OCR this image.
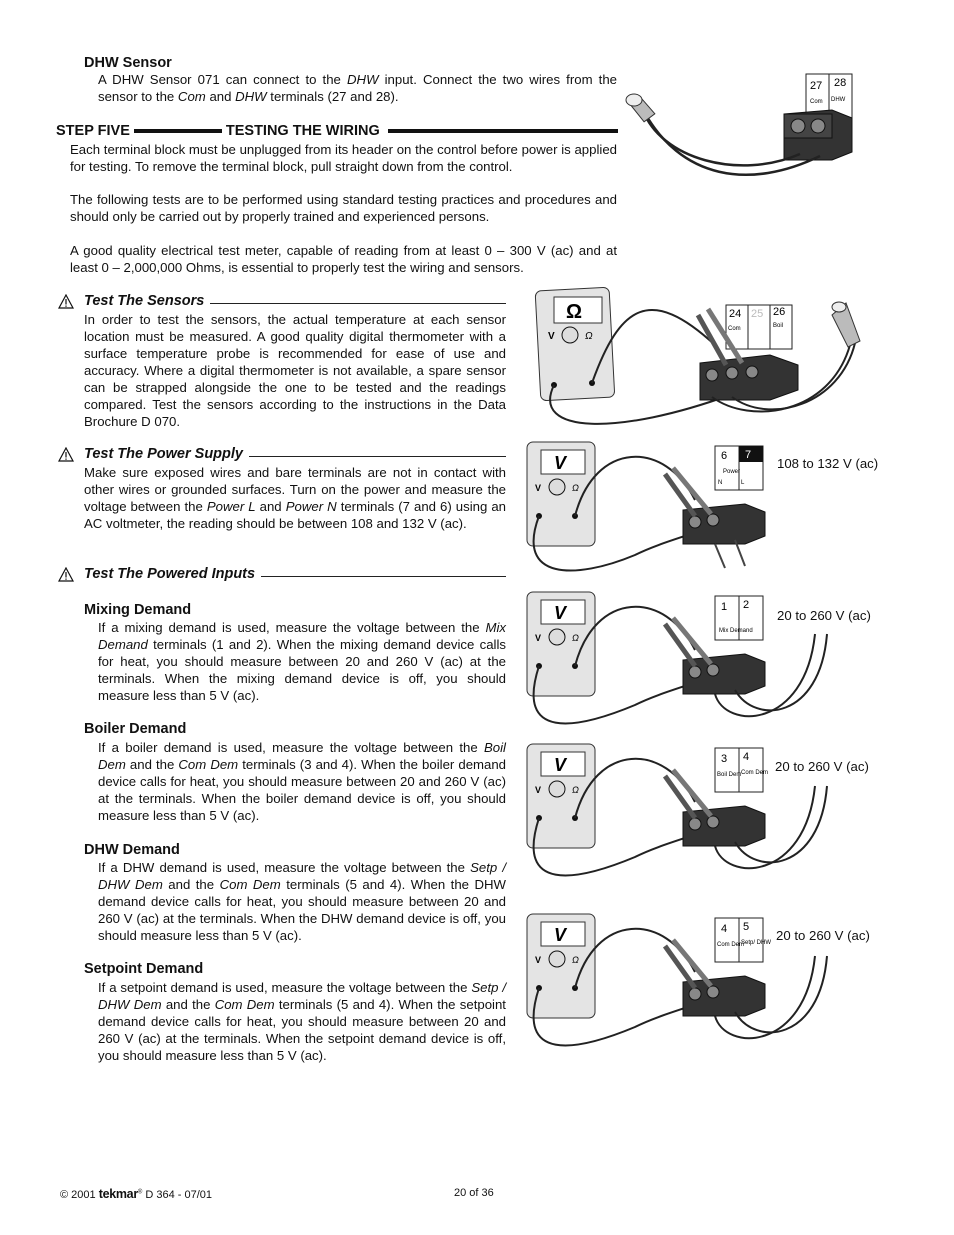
DHW Sensor

A DHW Sensor 071 can connect to the DHW input. Connect the two wires from the sensor to the Com and DHW terminals (27 and 28).

STEP FIVE	TESTING THE WIRING

Each terminal block must be unplugged from its header on the control before power is applied for testing. To remove the terminal block, pull straight down from the control.

The following tests are to be performed using standard testing practices and procedures and should only be carried out by properly trained and experienced persons.

A good quality electrical test meter, capable of reading from at least 0 – 300 V (ac) and at least 0 – 2,000,000 Ohms, is essential to properly test the wiring and sensors.

Test The Sensors

In order to test the sensors, the actual temperature at each sensor location must be measured. A good quality digital thermometer with a surface temperature probe is recommended for ease of use and accuracy. Where a digital thermometer is not available, a spare sensor can be strapped alongside the one to be tested and the readings compared. Test the sensors according to the instructions in the Data Brochure D 070.

Test The Power Supply

Make sure exposed wires and bare terminals are not in contact with other wires or grounded surfaces. Turn on the power and measure the voltage between the Power L and Power N terminals (7 and 6) using an AC voltmeter, the reading should be between 108 and 132 V (ac).

Test The Powered Inputs
Mixing Demand

If a mixing demand is used, measure the voltage between the Mix Demand terminals (1 and 2). When the mixing demand device calls for heat, you should measure between 20 and 260 V (ac) at the terminals. When the mixing demand device is off, you should measure less than 5 V (ac).

Boiler Demand

If a boiler demand is used, measure the voltage between the Boil Dem and the Com Dem terminals (3 and 4). When the boiler demand device calls for heat, you should measure between 20 and 260 V (ac) at the terminals. When the boiler demand device is off, you should measure less than 5 V (ac).

DHW Demand

If a DHW demand is used, measure the voltage between the Setp / DHW Dem and the Com Dem terminals (5 and 4). When the DHW demand device calls for heat, you should measure between 20 and 260 V (ac) at the terminals. When the DHW demand device is off, you should measure less than 5 V (ac).

Setpoint Demand

If a setpoint demand is used, measure the voltage between the Setp / DHW Dem and the Com Dem terminals (5 and 4). When the setpoint demand device calls for heat, you should measure between 20 and 260 V (ac) at the terminals. When the setpoint demand device is off, you should measure less than 5 V (ac).

27 28
Com DHW
Ω
V	Ω
24 25 26
Com	Boil
V
V	Ω
6 7
Power
N	L
108 to 132 V (ac)
V
V	Ω
1 2
Mix Demand
20 to 260 V (ac)
V
V	Ω
3 4
Boil Dem Com Dem 20 to 260 V (ac)
V
V	Ω
4 5
Com Dem
Setp/ DHW 20 to 260 V (ac)
© 2001 tekmar® D 364 - 07/01	20 of 36
